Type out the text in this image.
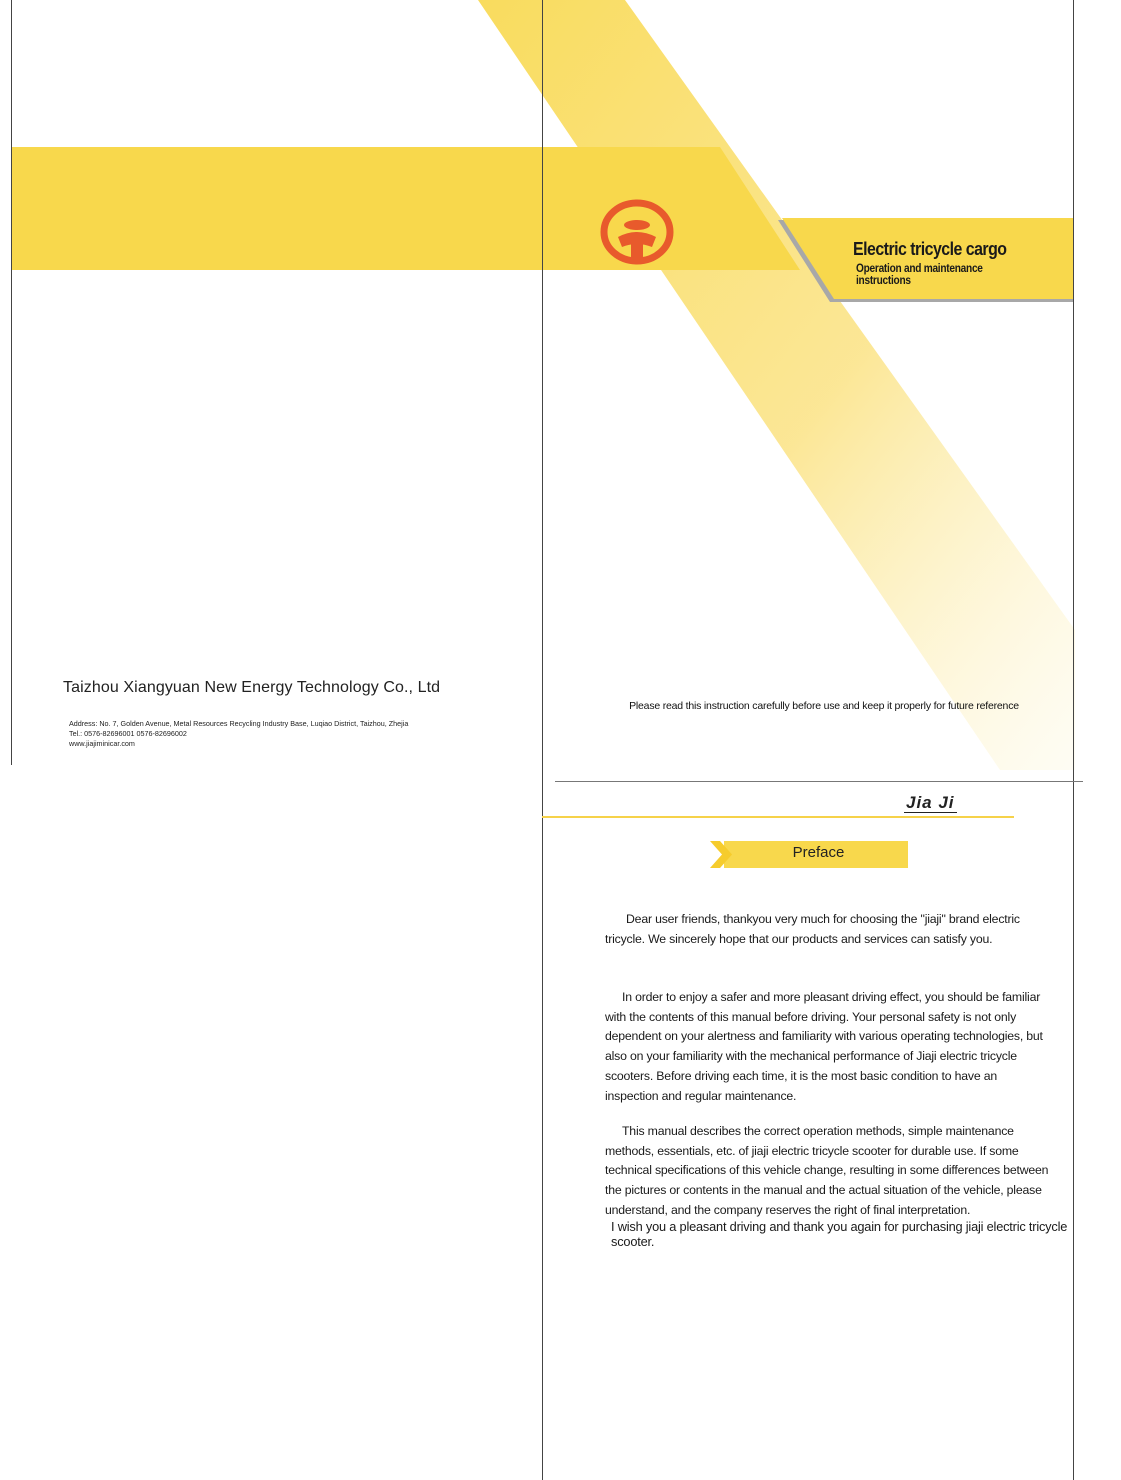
Taizhou Xiangyuan New Energy Technology Co., Ltd
Address: No. 7, Golden Avenue, Metal Resources Recycling Industry Base, Luqiao District, Taizhou, Zhejia
Tel.: 0576-82696001 0576-82696002
www.jiajiminicar.com
Electric tricycle cargo
Operation and maintenance
instructions
Please read this instruction carefully before use and keep it properly for future reference
Jia Ji
Preface

Dear user friends, thankyou very much for choosing the "jiaji" brand electric tricycle. We sincerely hope that our products and services can satisfy you.

In order to enjoy a safer and more pleasant driving effect, you should be familiar with the contents of this manual before driving. Your personal safety is not only dependent on your alertness and familiarity with various operating technologies, but also on your familiarity with the mechanical performance of Jiaji electric tricycle scooters. Before driving each time, it is the most basic condition to have an inspection and regular maintenance.

This manual describes the correct operation methods, simple maintenance methods, essentials, etc. of jiaji electric tricycle scooter for durable use. If some technical specifications of this vehicle change, resulting in some differences between the pictures or contents in the manual and the actual situation of the vehicle, please understand, and the company reserves the right of final interpretation.

I wish you a pleasant driving and thank you again for purchasing jiaji electric tricycle scooter.
